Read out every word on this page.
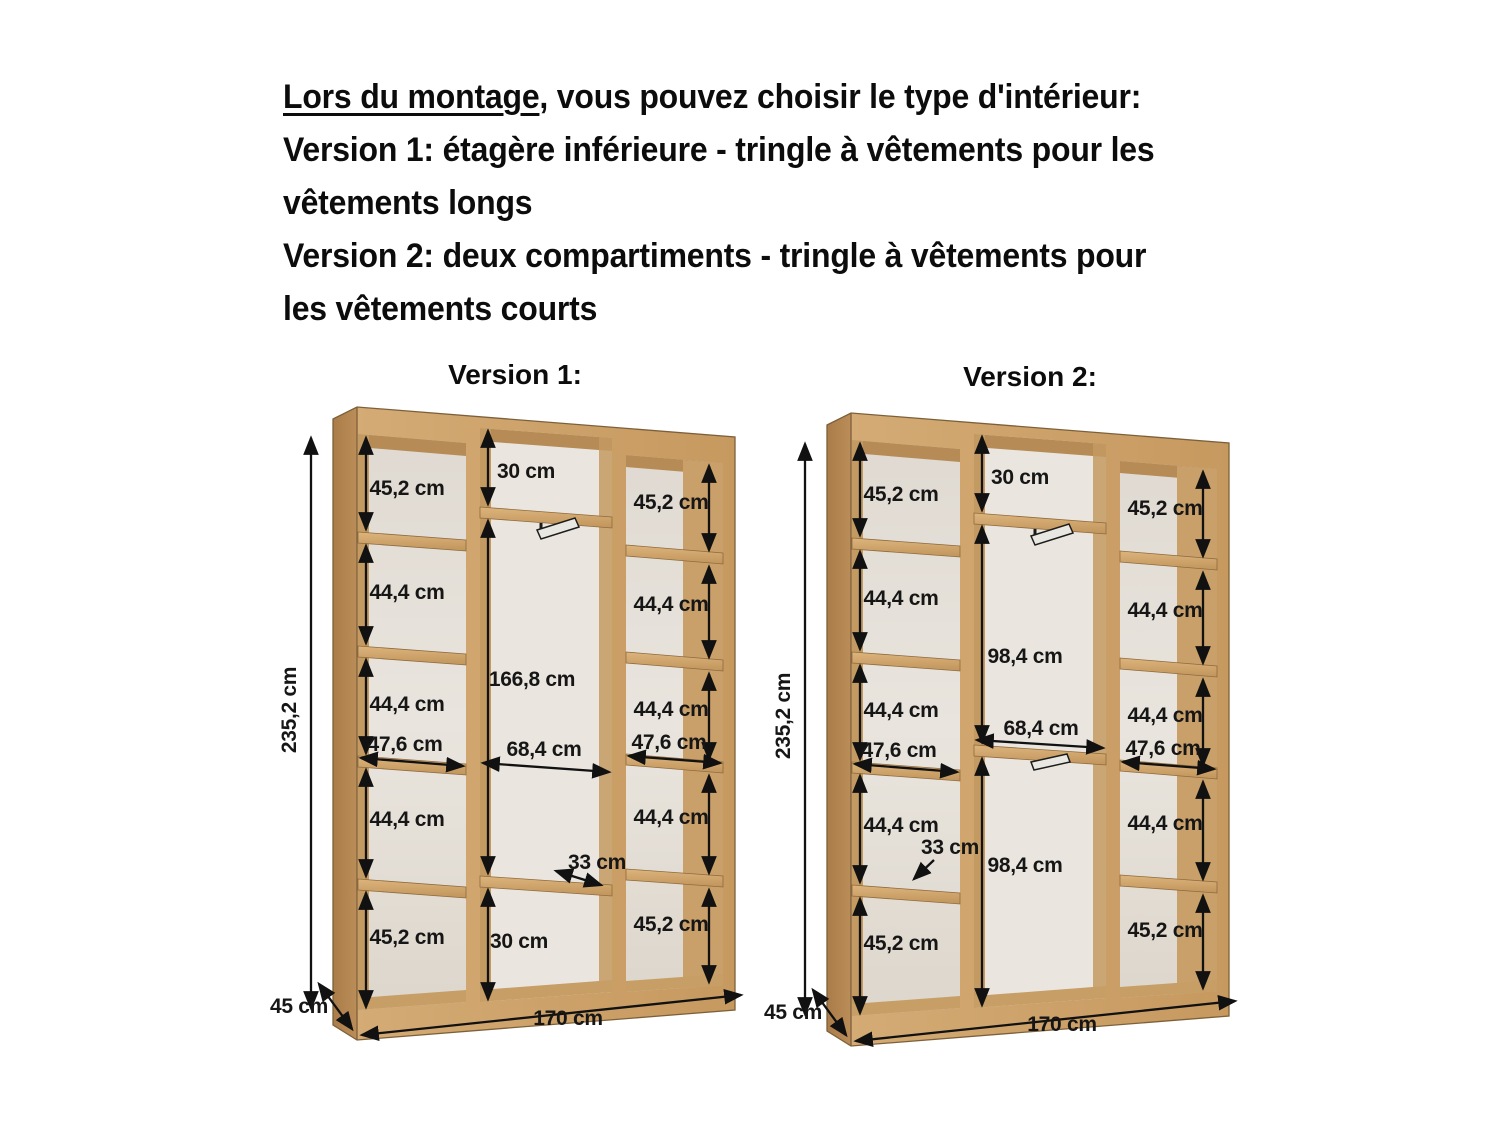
Lors du montage, vous pouvez choisir le type d'intérieur:

Version 1: étagère inférieure - tringle à vêtements pour les

vêtements longs

Version 2: deux compartiments - tringle à vêtements pour

les vêtements courts

Version 1:	Version 2:
235,2 cm
45 cm
170 cm
45,2 cm
44,4 cm
44,4 cm
47,6 cm
44,4 cm
45,2 cm
30 cm
166,8 cm
68,4 cm
33 cm
30 cm
45,2 cm
44,4 cm
44,4 cm
47,6 cm
44,4 cm
45,2 cm
235,2 cm
45 cm
170 cm
45,2 cm
44,4 cm
44,4 cm
47,6 cm
44,4 cm
45,2 cm
30 cm
98,4 cm
68,4 cm
33 cm
98,4 cm
45,2 cm
44,4 cm
44,4 cm
47,6 cm
44,4 cm
45,2 cm
